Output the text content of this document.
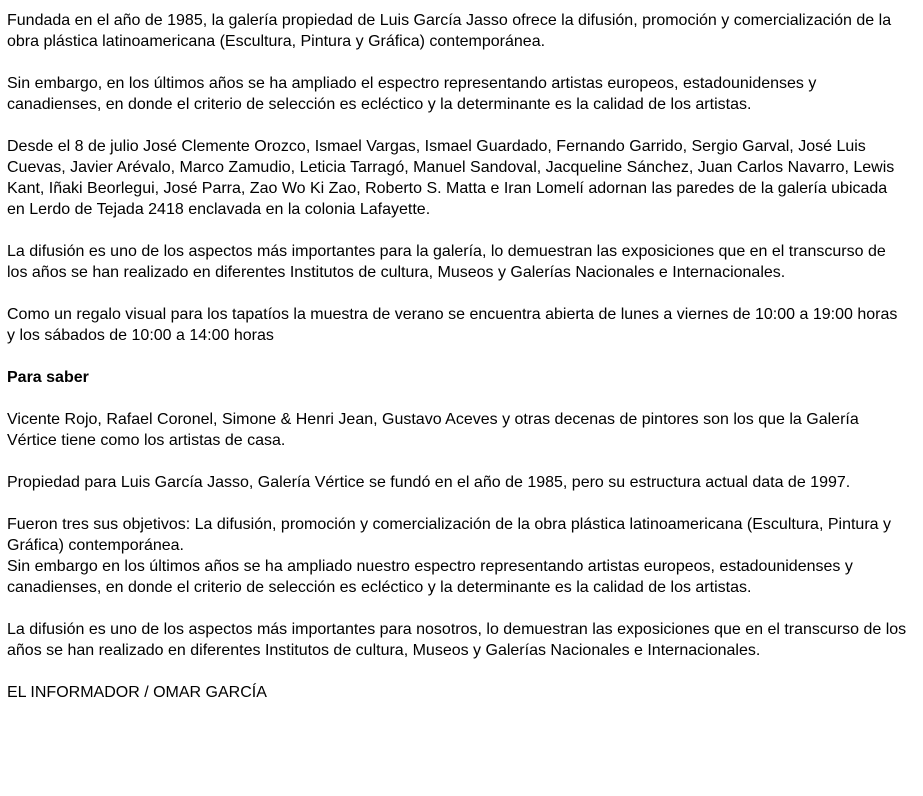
Fundada en el año de 1985, la galería propiedad de Luis García Jasso ofrece la difusión, promoción y comercialización de la obra plástica latinoamericana (Escultura, Pintura y Gráfica) contemporánea.

Sin embargo, en los últimos años se ha ampliado el espectro representando artistas europeos, estadounidenses y canadienses, en donde el criterio de selección es ecléctico y la determinante es la calidad de los artistas.

Desde el 8 de julio José Clemente Orozco, Ismael Vargas, Ismael Guardado, Fernando Garrido, Sergio Garval, José Luis Cuevas, Javier Arévalo, Marco Zamudio, Leticia Tarragó, Manuel Sandoval, Jacqueline Sánchez, Juan Carlos Navarro, Lewis Kant, Iñaki Beorlegui, José Parra, Zao Wo Ki Zao, Roberto S. Matta e Iran Lomelí adornan las paredes de la galería ubicada en Lerdo de Tejada 2418 enclavada en la colonia Lafayette.

La difusión es uno de los aspectos más importantes para la galería, lo demuestran las exposiciones que en el transcurso de los años se han realizado en diferentes Institutos de cultura, Museos y Galerías Nacionales e Internacionales.

Como un regalo visual para los tapatíos la muestra de verano se encuentra abierta de lunes a viernes de 10:00 a 19:00 horas y los sábados de 10:00 a 14:00 horas

Para saber

Vicente Rojo, Rafael Coronel, Simone & Henri Jean, Gustavo Aceves y otras decenas de pintores son los que la Galería Vértice tiene como los artistas de casa.

Propiedad para Luis García Jasso, Galería Vértice se fundó en el año de 1985, pero su estructura actual data de 1997.

Fueron tres sus objetivos: La difusión, promoción y comercialización de la obra plástica latinoamericana (Escultura, Pintura y Gráfica) contemporánea.

Sin embargo en los últimos años se ha ampliado nuestro espectro representando artistas europeos, estadounidenses y canadienses, en donde el criterio de selección es ecléctico y la determinante es la calidad de los artistas.

La difusión es uno de los aspectos más importantes para nosotros, lo demuestran las exposiciones que en el transcurso de los años se han realizado en diferentes Institutos de cultura, Museos y Galerías Nacionales e Internacionales.

EL INFORMADOR / OMAR GARCÍA
